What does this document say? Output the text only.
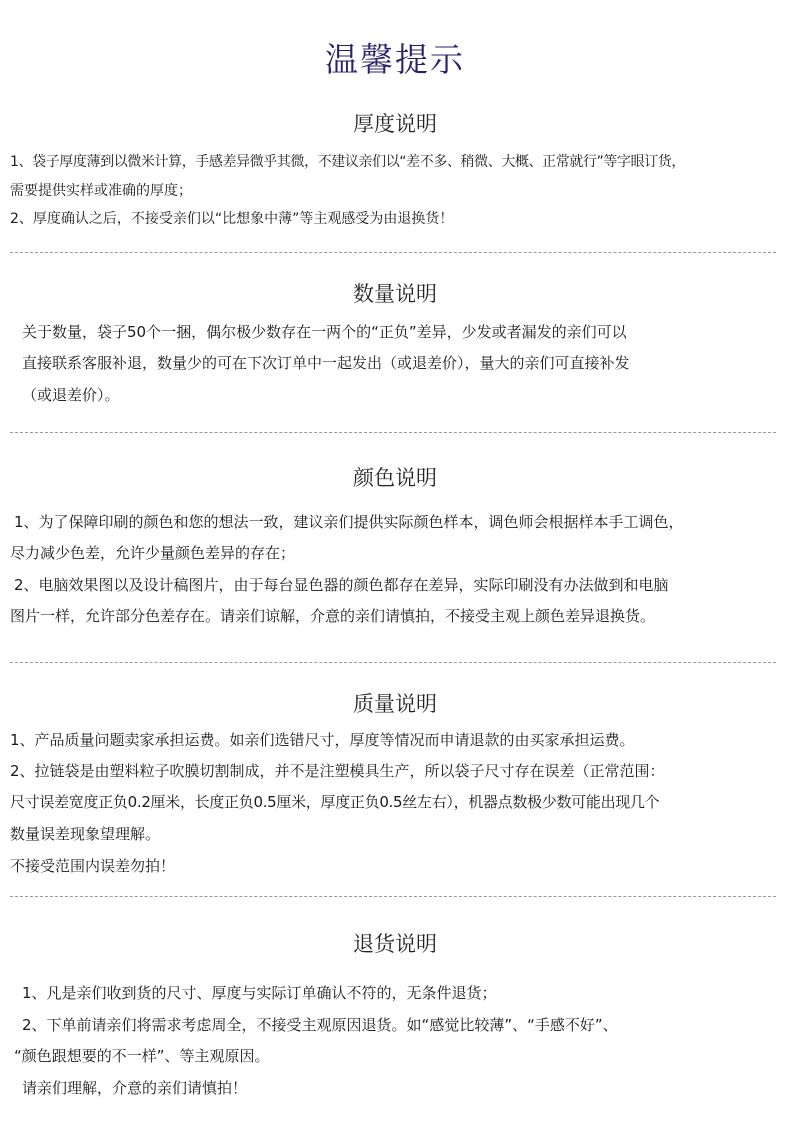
温馨提示
厚度说明
1、袋子厚度薄到以微米计算，手感差异微乎其微，不建议亲们以“差不多、稍微、大概、正常就行”等字眼订货，
需要提供实样或准确的厚度；
2、厚度确认之后，不接受亲们以“比想象中薄”等主观感受为由退换货！
数量说明
关于数量，袋子50个一捆，偶尔极少数存在一两个的“正负”差异，少发或者漏发的亲们可以
直接联系客服补退，数量少的可在下次订单中一起发出（或退差价），量大的亲们可直接补发
（或退差价）。
颜色说明
1、为了保障印刷的颜色和您的想法一致，建议亲们提供实际颜色样本，调色师会根据样本手工调色，
尽力减少色差，允许少量颜色差异的存在；
2、电脑效果图以及设计稿图片，由于每台显色器的颜色都存在差异，实际印刷没有办法做到和电脑
图片一样，允许部分色差存在。请亲们谅解，介意的亲们请慎拍，不接受主观上颜色差异退换货。
质量说明
1、产品质量问题卖家承担运费。如亲们选错尺寸，厚度等情况而申请退款的由买家承担运费。
2、拉链袋是由塑料粒子吹膜切割制成，并不是注塑模具生产，所以袋子尺寸存在误差（正常范围：
尺寸误差宽度正负0.2厘米，长度正负0.5厘米，厚度正负0.5丝左右），机器点数极少数可能出现几个
数量误差现象望理解。
不接受范围内误差勿拍！
退货说明
1、凡是亲们收到货的尺寸、厚度与实际订单确认不符的，无条件退货；
2、下单前请亲们将需求考虑周全，不接受主观原因退货。如“感觉比较薄”、“手感不好”、
“颜色跟想要的不一样”、等主观原因。
请亲们理解，介意的亲们请慎拍！
